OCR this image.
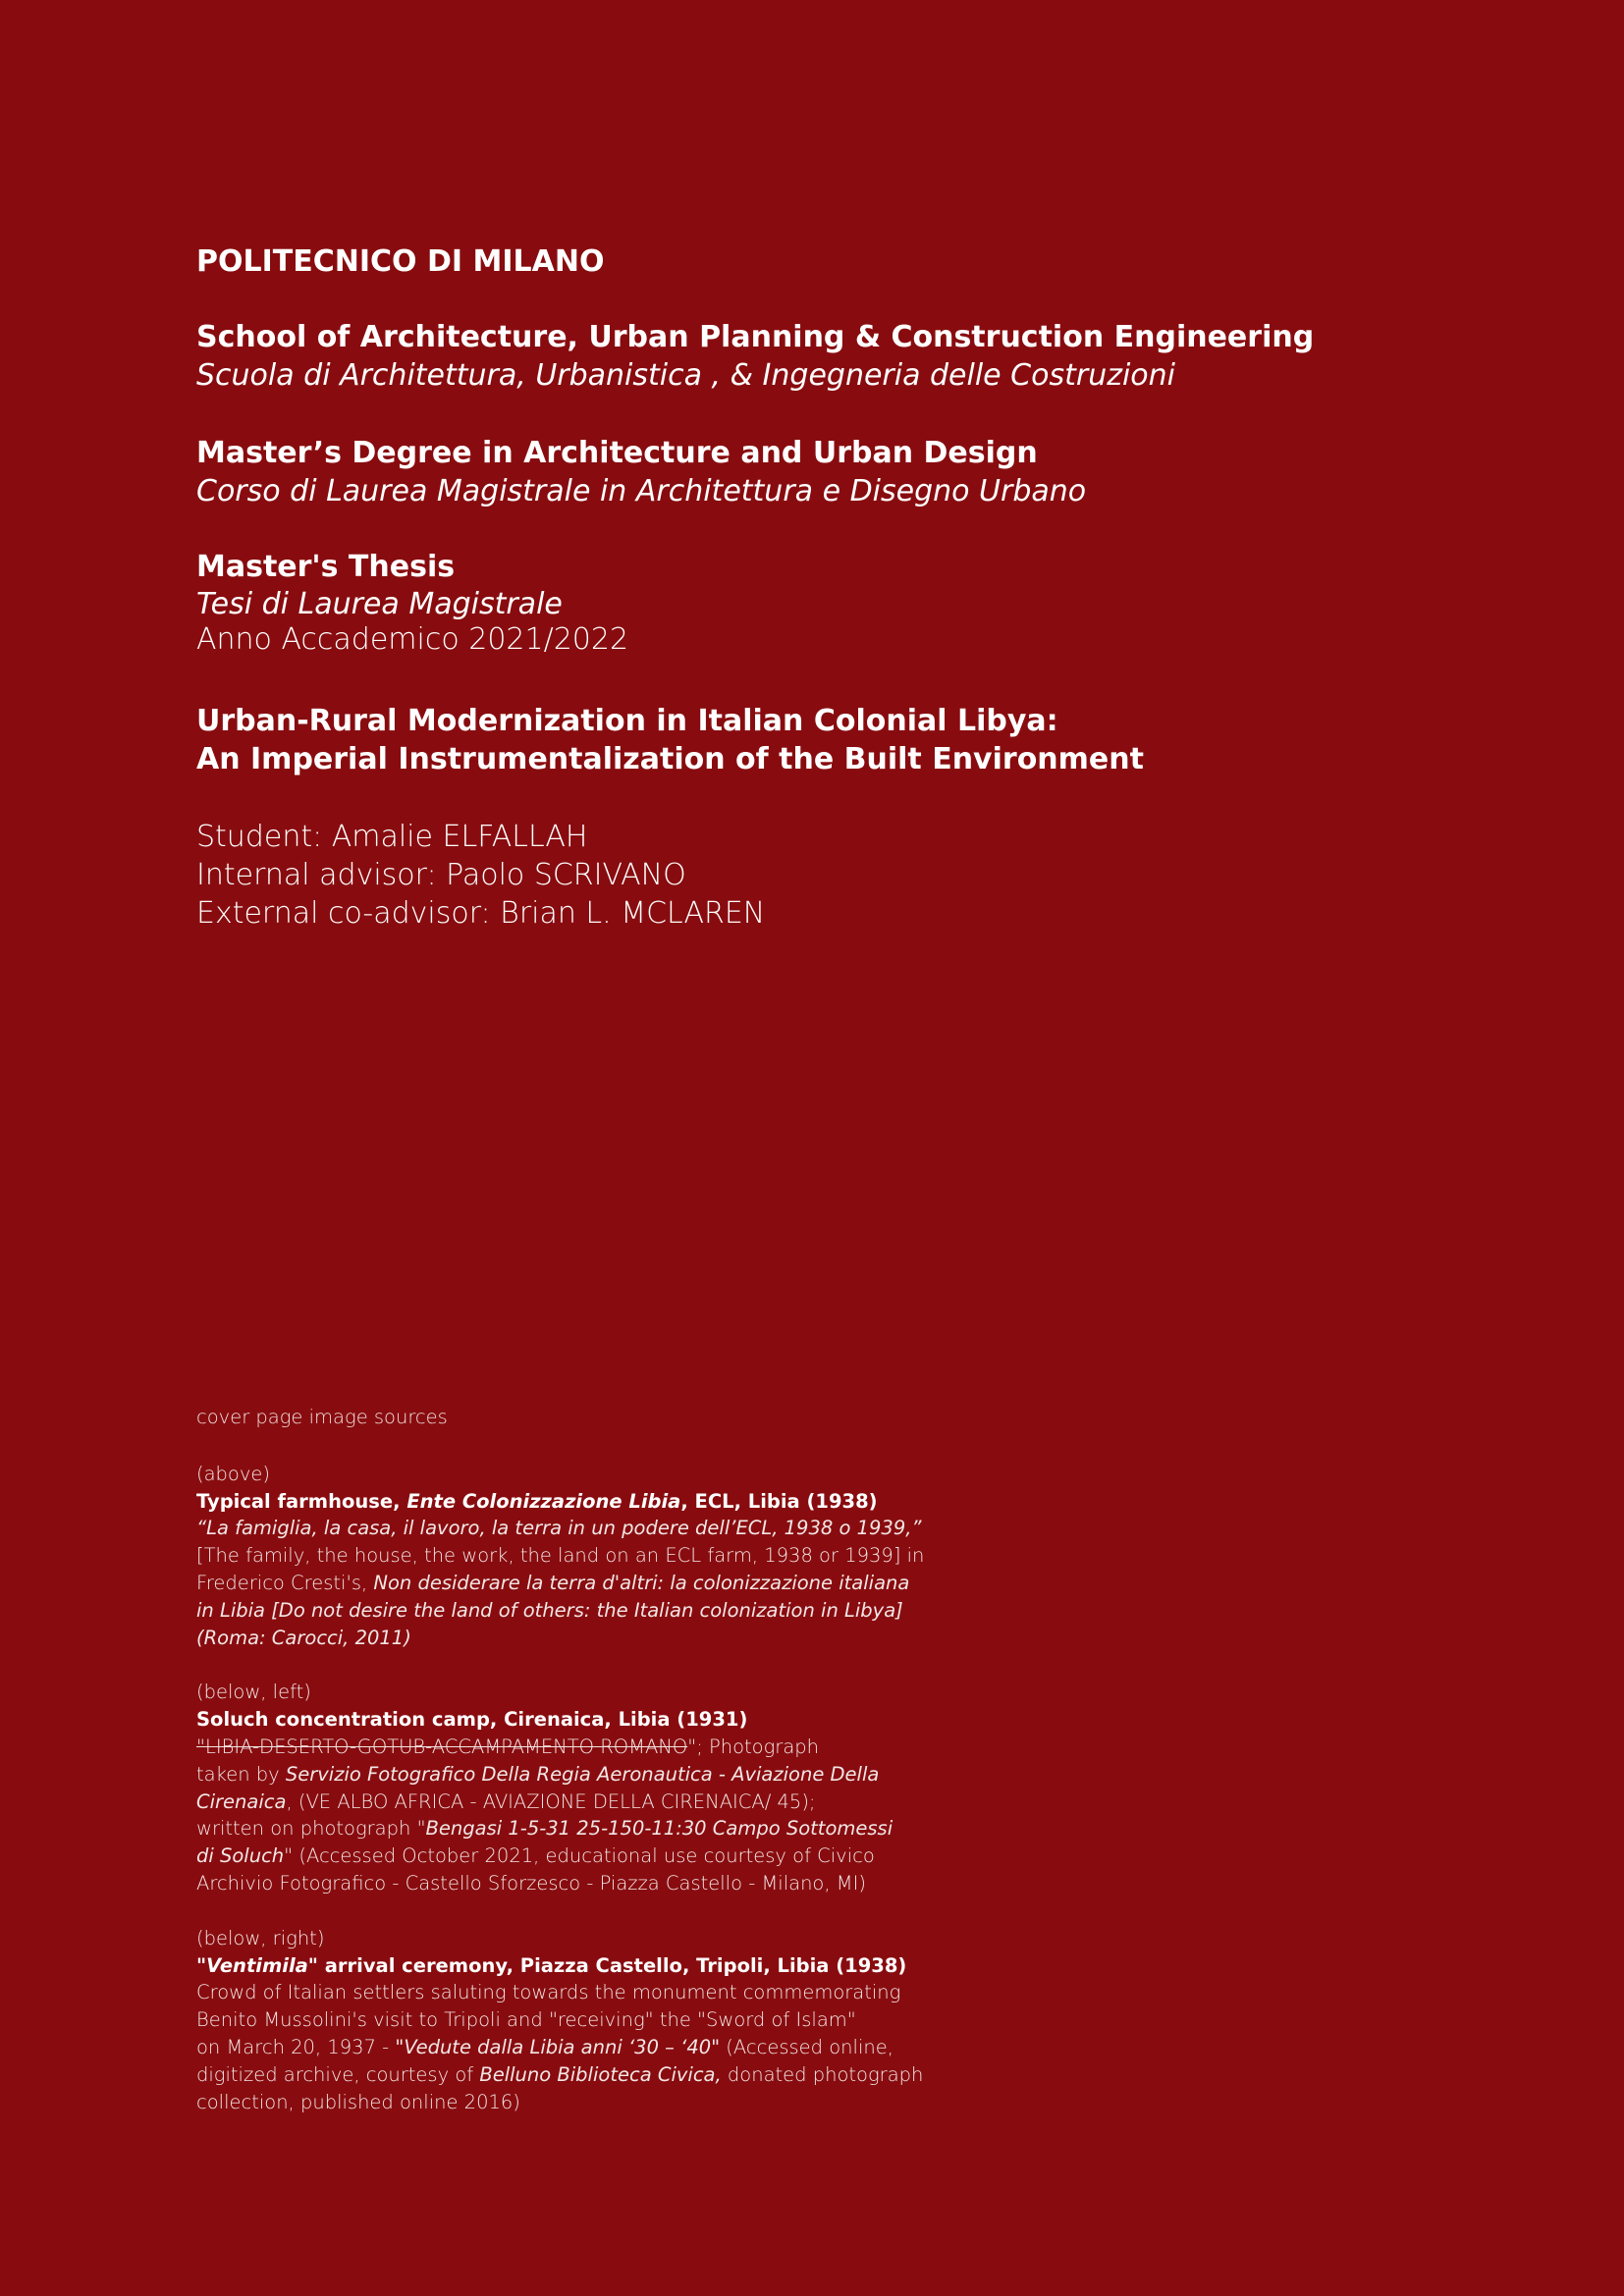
POLITECNICO DI MILANO
School of Architecture, Urban Planning & Construction Engineering
Scuola di Architettura, Urbanistica , & Ingegneria delle Costruzioni
Master’s Degree in Architecture and Urban Design
Corso di Laurea Magistrale in Architettura e Disegno Urbano
Master's Thesis
Tesi di Laurea Magistrale
Anno Accademico 2021/2022
Urban-Rural Modernization in Italian Colonial Libya:
An Imperial Instrumentalization of the Built Environment
Student: Amalie ELFALLAH
Internal advisor: Paolo SCRIVANO
External co-advisor: Brian L. MCLAREN
cover page image sources
(above)
Typical farmhouse, Ente Colonizzazione Libia, ECL, Libia (1938)
“La famiglia, la casa, il lavoro, la terra in un podere dell’ECL, 1938 o 1939,”
[The family, the house, the work, the land on an ECL farm, 1938 or 1939] in
Frederico Cresti's, Non desiderare la terra d'altri: la colonizzazione italiana
in Libia [Do not desire the land of others: the Italian colonization in Libya]
(Roma: Carocci, 2011)
(below, left)
Soluch concentration camp, Cirenaica, Libia (1931)
"LIBIA-DESERTO-GOTUB-ACCAMPAMENTO ROMANO"; Photograph
taken by Servizio Fotografico Della Regia Aeronautica - Aviazione Della
Cirenaica, (VE ALBO AFRICA - AVIAZIONE DELLA CIRENAICA/ 45);
written on photograph "Bengasi 1-5-31 25-150-11:30 Campo Sottomessi
di Soluch" (Accessed October 2021, educational use courtesy of Civico
Archivio Fotografico - Castello Sforzesco - Piazza Castello - Milano, MI)
(below, right)
"Ventimila" arrival ceremony, Piazza Castello, Tripoli, Libia (1938)
Crowd of Italian settlers saluting towards the monument commemorating
Benito Mussolini's visit to Tripoli and "receiving" the "Sword of Islam"
on March 20, 1937 - "Vedute dalla Libia anni ‘30 – ‘40" (Accessed online,
digitized archive, courtesy of Belluno Biblioteca Civica, donated photograph
collection, published online 2016)
